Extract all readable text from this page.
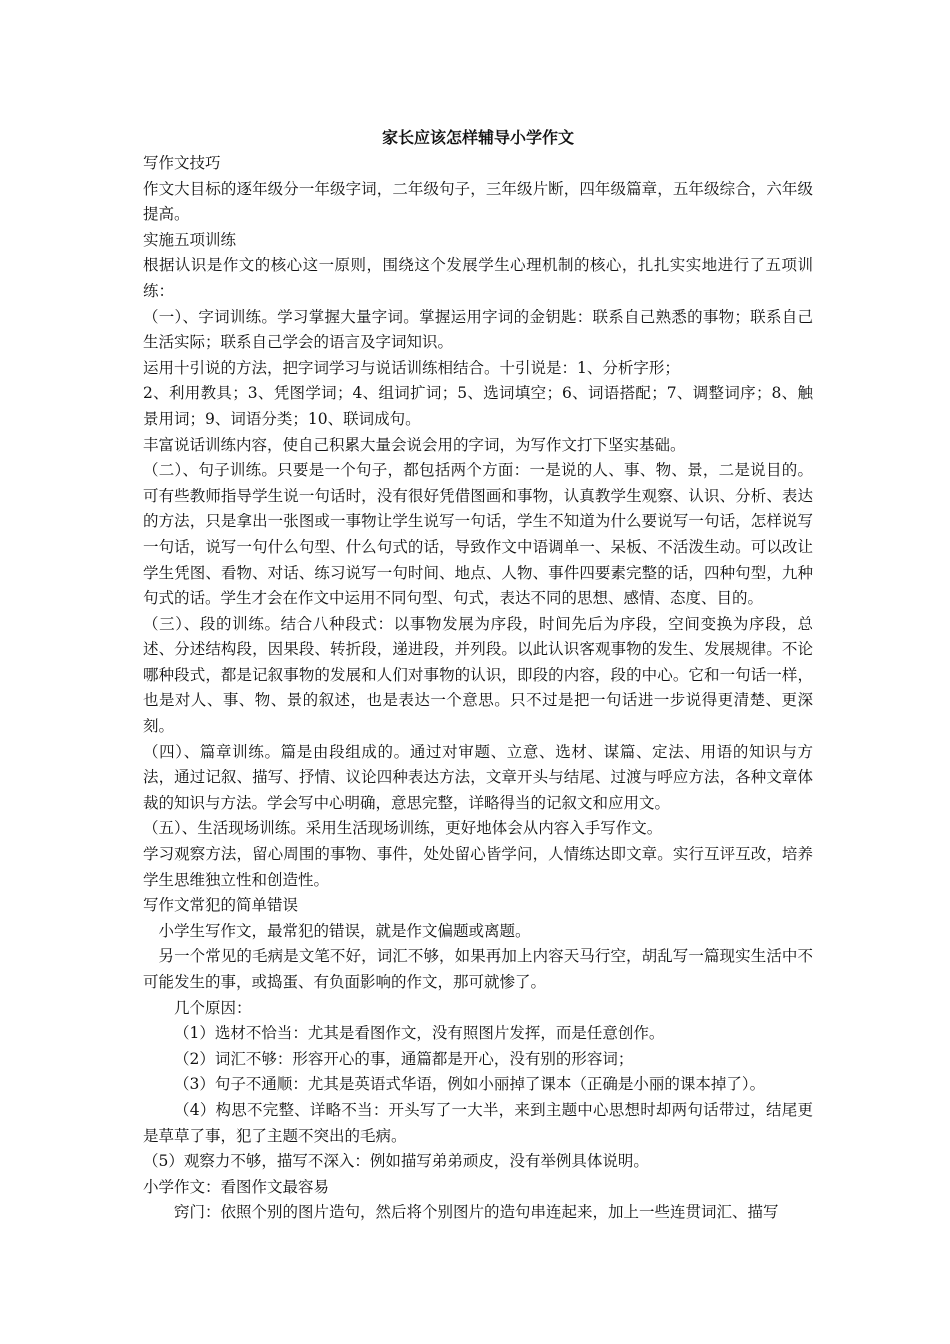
家长应该怎样辅导小学作文

写作文技巧

作文大目标的逐年级分一年级字词，二年级句子，三年级片断，四年级篇章，五年级综合，六年级提高。

实施五项训练

根据认识是作文的核心这一原则，围绕这个发展学生心理机制的核心，扎扎实实地进行了五项训练：

（一）、字词训练。学习掌握大量字词。掌握运用字词的金钥匙：联系自己熟悉的事物；联系自己生活实际；联系自己学会的语言及字词知识。

运用十引说的方法，把字词学习与说话训练相结合。十引说是：1、分析字形；

2、利用教具；3、凭图学词；4、组词扩词；5、选词填空；6、词语搭配；7、调整词序；8、触景用词；9、词语分类；10、联词成句。

丰富说话训练内容，使自己积累大量会说会用的字词，为写作文打下坚实基础。

（二）、句子训练。只要是一个句子，都包括两个方面：一是说的人、事、物、景，二是说目的。可有些教师指导学生说一句话时，没有很好凭借图画和事物，认真教学生观察、认识、分析、表达的方法，只是拿出一张图或一事物让学生说写一句话，学生不知道为什么要说写一句话，怎样说写一句话，说写一句什么句型、什么句式的话，导致作文中语调单一、呆板、不活泼生动。可以改让学生凭图、看物、对话、练习说写一句时间、地点、人物、事件四要素完整的话，四种句型，九种句式的话。学生才会在作文中运用不同句型、句式，表达不同的思想、感情、态度、目的。

（三）、段的训练。结合八种段式：以事物发展为序段，时间先后为序段，空间变换为序段，总述、分述结构段，因果段、转折段，递进段，并列段。以此认识客观事物的发生、发展规律。不论哪种段式，都是记叙事物的发展和人们对事物的认识，即段的内容，段的中心。它和一句话一样，也是对人、事、物、景的叙述，也是表达一个意思。只不过是把一句话进一步说得更清楚、更深刻。

（四）、篇章训练。篇是由段组成的。通过对审题、立意、选材、谋篇、定法、用语的知识与方法，通过记叙、描写、抒情、议论四种表达方法，文章开头与结尾、过渡与呼应方法，各种文章体裁的知识与方法。学会写中心明确，意思完整，详略得当的记叙文和应用文。

（五）、生活现场训练。采用生活现场训练，更好地体会从内容入手写作文。

学习观察方法，留心周围的事物、事件，处处留心皆学问，人情练达即文章。实行互评互改，培养学生思维独立性和创造性。

写作文常犯的简单错误

小学生写作文，最常犯的错误，就是作文偏题或离题。

另一个常见的毛病是文笔不好，词汇不够，如果再加上内容天马行空，胡乱写一篇现实生活中不可能发生的事，或捣蛋、有负面影响的作文，那可就惨了。

几个原因：

（1）选材不恰当：尤其是看图作文，没有照图片发挥，而是任意创作。

（2）词汇不够：形容开心的事，通篇都是开心，没有别的形容词；

（3）句子不通顺：尤其是英语式华语，例如小丽掉了课本（正确是小丽的课本掉了）。

（4）构思不完整、详略不当：开头写了一大半，来到主题中心思想时却两句话带过，结尾更是草草了事，犯了主题不突出的毛病。

（5）观察力不够，描写不深入：例如描写弟弟顽皮，没有举例具体说明。

小学作文：看图作文最容易

窍门：依照个别的图片造句，然后将个别图片的造句串连起来，加上一些连贯词汇、描写
